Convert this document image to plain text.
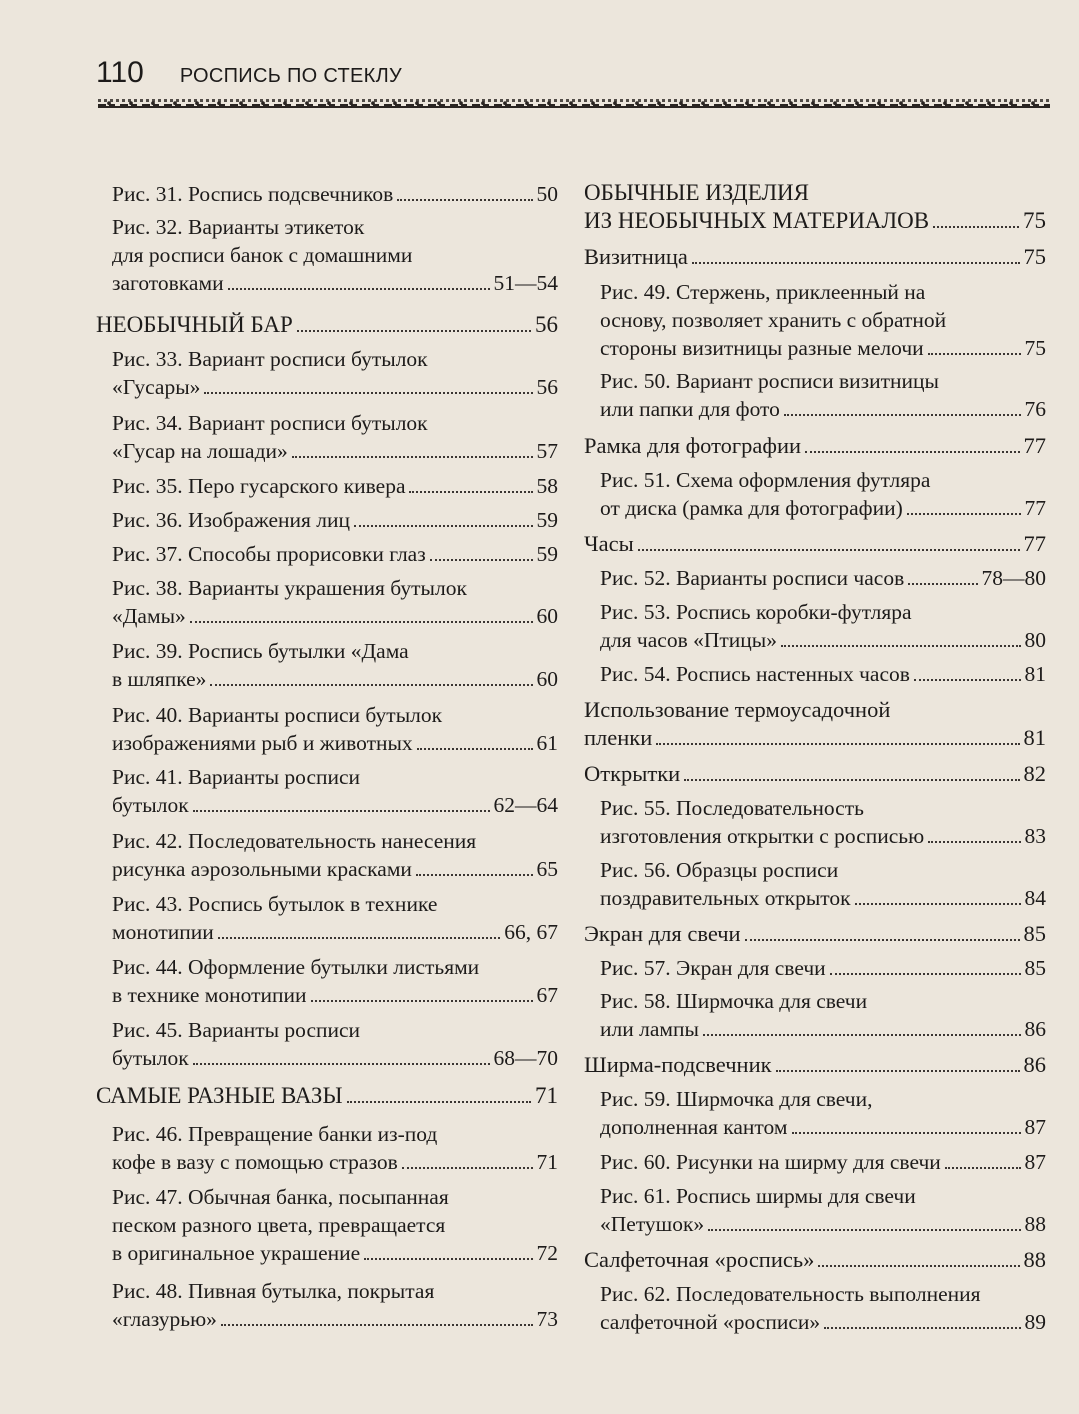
110 РОСПИСЬ ПО СТЕКЛУ
Рис. 31. Роспись подсвечников	50
Рис. 32. Варианты этикеток
для росписи банок с домашними
заготовками	51—54
НЕОБЫЧНЫЙ БАР	56
Рис. 33. Вариант росписи бутылок
«Гусары»	56
Рис. 34. Вариант росписи бутылок
«Гусар на лошади»	57
Рис. 35. Перо гусарского кивера	58
Рис. 36. Изображения лиц	59
Рис. 37. Способы прорисовки глаз	59
Рис. 38. Варианты украшения бутылок
«Дамы»	60
Рис. 39. Роспись бутылки «Дама
в шляпке»	60
Рис. 40. Варианты росписи бутылок
изображениями рыб и животных	61
Рис. 41. Варианты росписи
бутылок	62—64
Рис. 42. Последовательность нанесения
рисунка аэрозольными красками	65
Рис. 43. Роспись бутылок в технике
монотипии	66, 67
Рис. 44. Оформление бутылки листьями
в технике монотипии	67
Рис. 45. Варианты росписи
бутылок	68—70
САМЫЕ РАЗНЫЕ ВАЗЫ	71
Рис. 46. Превращение банки из-под
кофе в вазу с помощью стразов	71
Рис. 47. Обычная банка, посыпанная
песком разного цвета, превращается
в оригинальное украшение	72
Рис. 48. Пивная бутылка, покрытая
«глазурью»	73
ОБЫЧНЫЕ ИЗДЕЛИЯ
ИЗ НЕОБЫЧНЫХ МАТЕРИАЛОВ	75
Визитница	75
Рис. 49. Стержень, приклеенный на
основу, позволяет хранить с обратной
стороны визитницы разные мелочи	75
Рис. 50. Вариант росписи визитницы
или папки для фото	76
Рамка для фотографии	77
Рис. 51. Схема оформления футляра
от диска (рамка для фотографии)	77
Часы	77
Рис. 52. Варианты росписи часов	78—80
Рис. 53. Роспись коробки-футляра
для часов «Птицы»	80
Рис. 54. Роспись настенных часов	81
Использование термоусадочной
пленки	81
Открытки	82
Рис. 55. Последовательность
изготовления открытки с росписью	83
Рис. 56. Образцы росписи
поздравительных открыток	84
Экран для свечи	85
Рис. 57. Экран для свечи	85
Рис. 58. Ширмочка для свечи
или лампы	86
Ширма-подсвечник	86
Рис. 59. Ширмочка для свечи,
дополненная кантом	87
Рис. 60. Рисунки на ширму для свечи	87
Рис. 61. Роспись ширмы для свечи
«Петушок»	88
Салфеточная «роспись»	88
Рис. 62. Последовательность выполнения
салфеточной «росписи»	89
